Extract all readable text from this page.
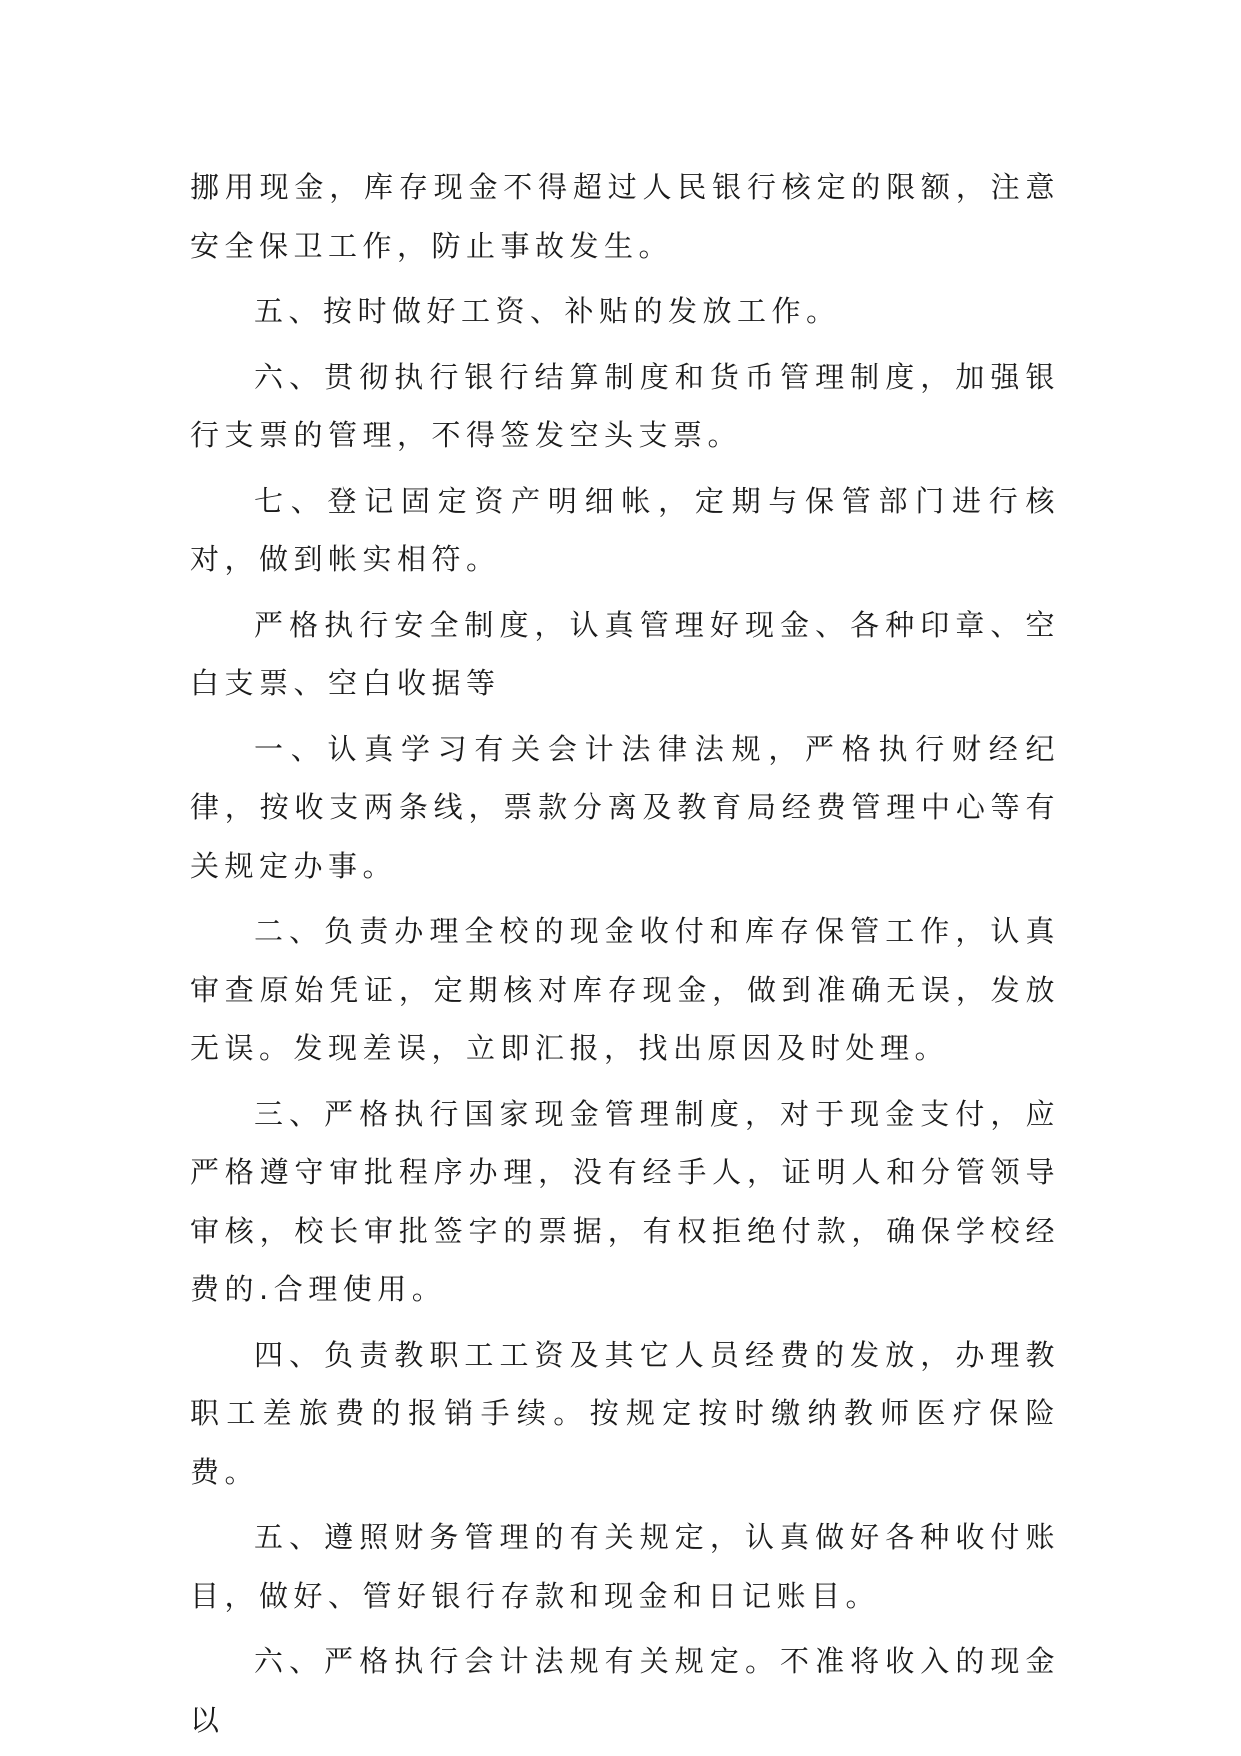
挪用现金，库存现金不得超过人民银行核定的限额，注意安全保卫工作，防止事故发生。

五、按时做好工资、补贴的发放工作。

六、贯彻执行银行结算制度和货币管理制度，加强银行支票的管理，不得签发空头支票。

七、登记固定资产明细帐，定期与保管部门进行核对，做到帐实相符。

严格执行安全制度，认真管理好现金、各种印章、空白支票、空白收据等

一、认真学习有关会计法律法规，严格执行财经纪律，按收支两条线，票款分离及教育局经费管理中心等有关规定办事。

二、负责办理全校的现金收付和库存保管工作，认真审查原始凭证，定期核对库存现金，做到准确无误，发放无误。发现差误，立即汇报，找出原因及时处理。

三、严格执行国家现金管理制度，对于现金支付，应严格遵守审批程序办理，没有经手人，证明人和分管领导审核，校长审批签字的票据，有权拒绝付款，确保学校经费的.合理使用。

四、负责教职工工资及其它人员经费的发放，办理教职工差旅费的报销手续。按规定按时缴纳教师医疗保险费。

五、遵照财务管理的有关规定，认真做好各种收付账目，做好、管好银行存款和现金和日记账目。

六、严格执行会计法规有关规定。不准将收入的现金以
